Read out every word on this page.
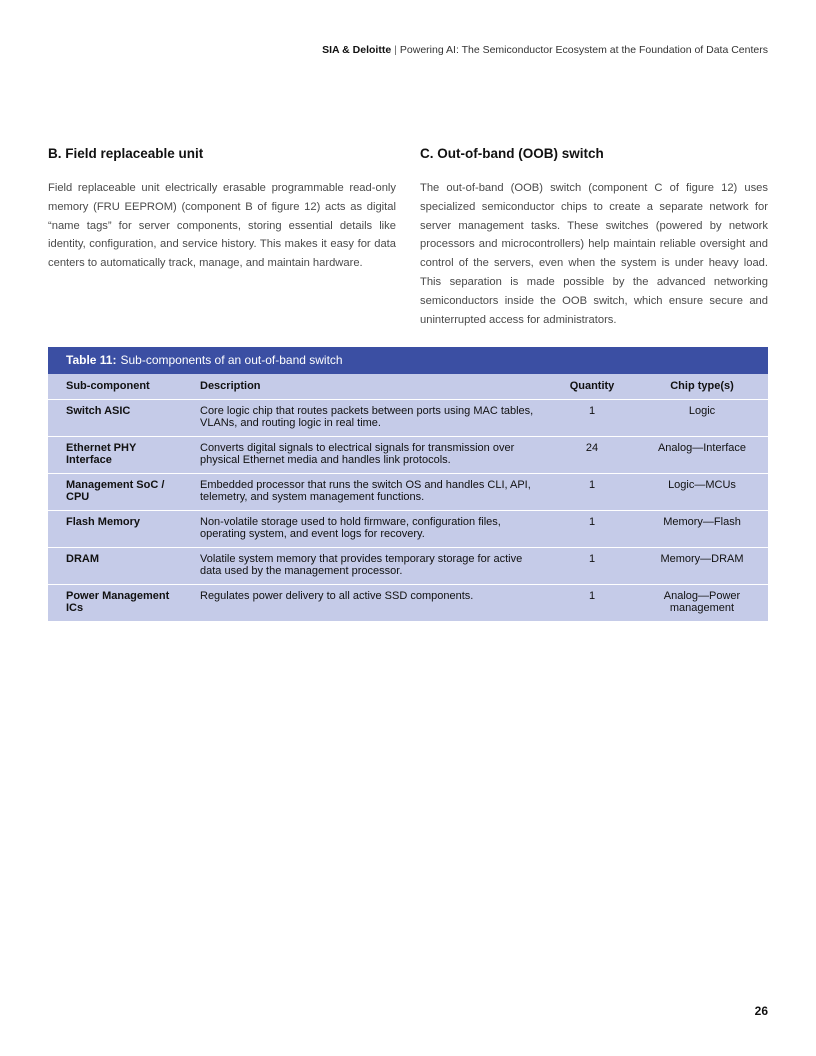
SIA & Deloitte | Powering AI: The Semiconductor Ecosystem at the Foundation of Data Centers
B. Field replaceable unit

Field replaceable unit electrically erasable programmable read-only memory (FRU EEPROM) (component B of figure 12) acts as digital “name tags” for server components, storing essential details like identity, configuration, and service history. This makes it easy for data centers to automatically track, manage, and maintain hardware.

C. Out-of-band (OOB) switch

The out-of-band (OOB) switch (component C of figure 12) uses specialized semiconductor chips to create a separate network for server management tasks. These switches (powered by network processors and microcontrollers) help maintain reliable oversight and control of the servers, even when the system is under heavy load. This separation is made possible by the advanced networking semiconductors inside the OOB switch, which ensure secure and uninterrupted access for administrators.

Table 11: Sub-components of an out-of-band switch
Sub-component	Description	Quantity	Chip type(s)
Switch ASIC	Core logic chip that routes packets between ports using MAC tables, VLANs, and routing logic in real time.	1	Logic
Ethernet PHY Interface	Converts digital signals to electrical signals for transmission over physical Ethernet media and handles link protocols.	24	Analog—Interface
Management SoC / CPU	Embedded processor that runs the switch OS and handles CLI, API, telemetry, and system management functions.	1	Logic—MCUs
Flash Memory	Non-volatile storage used to hold firmware, configuration files, operating system, and event logs for recovery.	1	Memory—Flash
DRAM	Volatile system memory that provides temporary storage for active data used by the management processor.	1	Memory—DRAM
Power Management ICs	Regulates power delivery to all active SSD components.	1	Analog—Power management
26
